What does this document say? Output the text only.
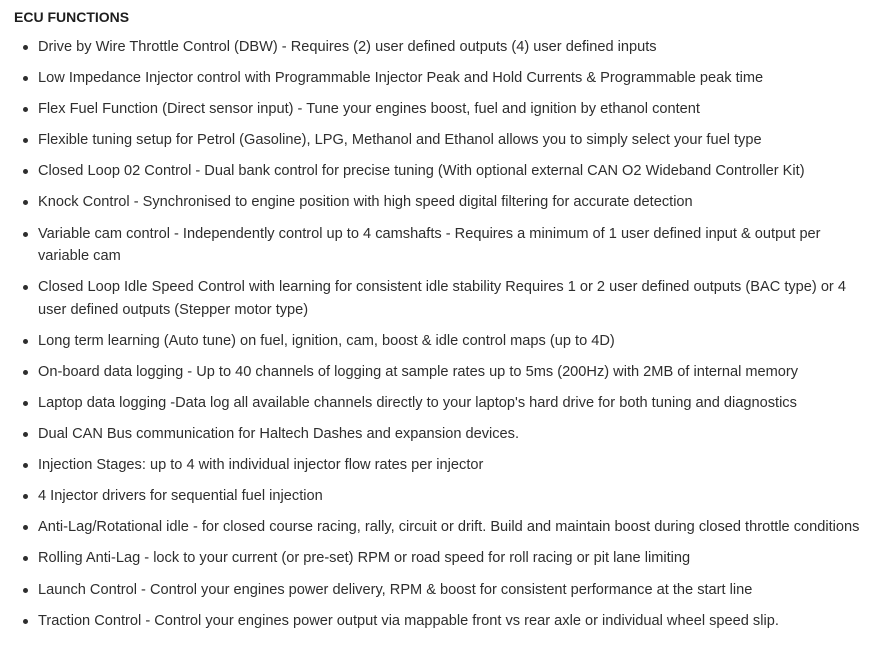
ECU FUNCTIONS
Drive by Wire Throttle Control (DBW) - Requires (2) user defined outputs (4) user defined inputs
Low Impedance Injector control with Programmable Injector Peak and Hold Currents & Programmable peak time
Flex Fuel Function (Direct sensor input) - Tune your engines boost, fuel and ignition by ethanol content
Flexible tuning setup for Petrol (Gasoline), LPG, Methanol and Ethanol allows you to simply select your fuel type
Closed Loop 02 Control - Dual bank control for precise tuning (With optional external CAN O2 Wideband Controller Kit)
Knock Control - Synchronised to engine position with high speed digital filtering for accurate detection
Variable cam control - Independently control up to 4 camshafts - Requires a minimum of 1 user defined input & output per variable cam
Closed Loop Idle Speed Control with learning for consistent idle stability Requires 1 or 2 user defined outputs (BAC type) or 4 user defined outputs (Stepper motor type)
Long term learning (Auto tune) on fuel, ignition, cam, boost & idle control maps (up to 4D)
On-board data logging - Up to 40 channels of logging at sample rates up to 5ms (200Hz) with 2MB of internal memory
Laptop data logging -Data log all available channels directly to your laptop's hard drive for both tuning and diagnostics
Dual CAN Bus communication for Haltech Dashes and expansion devices.
Injection Stages: up to 4 with individual injector flow rates per injector
4 Injector drivers for sequential fuel injection
Anti-Lag/Rotational idle - for closed course racing, rally, circuit or drift. Build and maintain boost during closed throttle conditions
Rolling Anti-Lag - lock to your current (or pre-set) RPM or road speed for roll racing or pit lane limiting
Launch Control - Control your engines power delivery, RPM & boost for consistent performance at the start line
Traction Control - Control your engines power output via mappable front vs rear axle or individual wheel speed slip.
